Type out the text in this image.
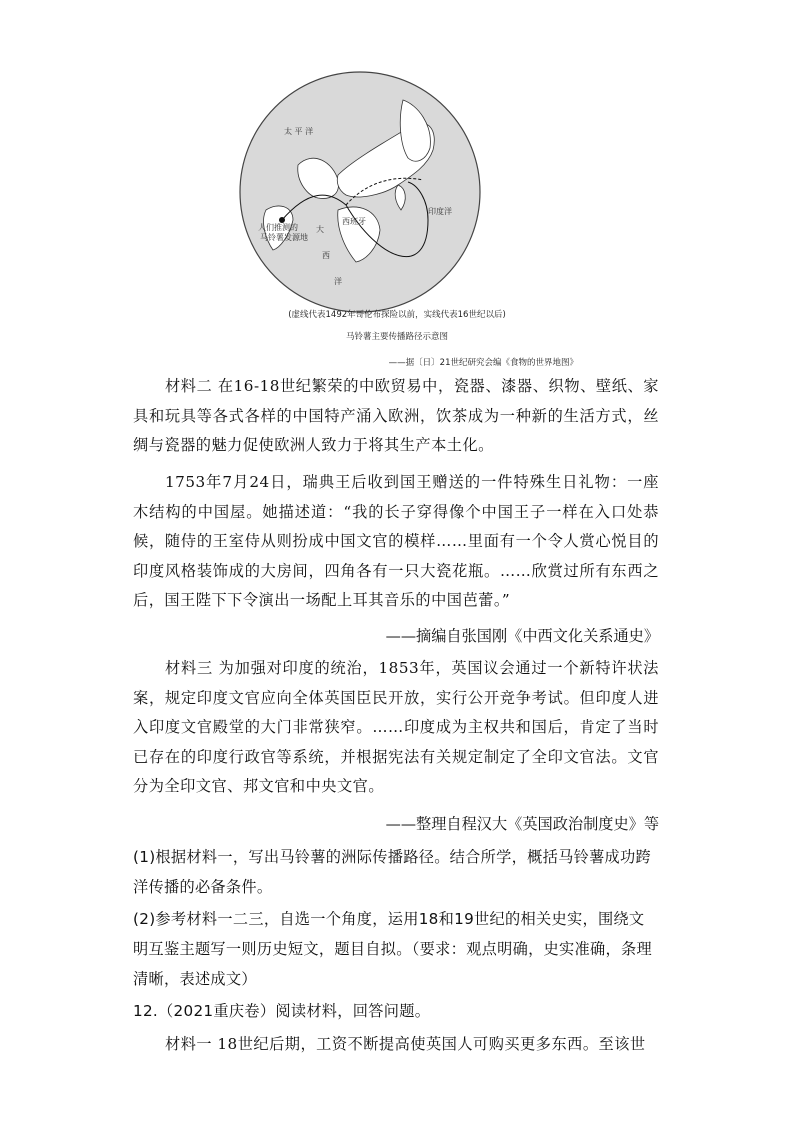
太 平 洋
印度洋
大
西
洋
人们推测的
马铃薯发源地
西班牙
(虚线代表1492年哥伦布探险以前，实线代表16世纪以后)
马铃薯主要传播路径示意图
——据〔日〕21世纪研究会编《食物的世界地图》
材料二 在16-18世纪繁荣的中欧贸易中，瓷器、漆器、织物、壁纸、家具和玩具等各式各样的中国特产涌入欧洲，饮茶成为一种新的生活方式，丝绸与瓷器的魅力促使欧洲人致力于将其生产本土化。
1753年7月24日，瑞典王后收到国王赠送的一件特殊生日礼物：一座木结构的中国屋。她描述道：“我的长子穿得像个中国王子一样在入口处恭候，随侍的王室侍从则扮成中国文官的模样……里面有一个令人赏心悦目的印度风格装饰成的大房间，四角各有一只大瓷花瓶。……欣赏过所有东西之后，国王陛下下令演出一场配上耳其音乐的中国芭蕾。”
——摘编自张国刚《中西文化关系通史》
材料三 为加强对印度的统治，1853年，英国议会通过一个新特许状法案，规定印度文官应向全体英国臣民开放，实行公开竞争考试。但印度人进入印度文官殿堂的大门非常狭窄。……印度成为主权共和国后，肯定了当时已存在的印度行政官等系统，并根据宪法有关规定制定了全印文官法。文官分为全印文官、邦文官和中央文官。
——整理自程汉大《英国政治制度史》等
(1)根据材料一，写出马铃薯的洲际传播路径。结合所学，概括马铃薯成功跨洋传播的必备条件。
(2)参考材料一二三，自选一个角度，运用18和19世纪的相关史实，围绕文明互鉴主题写一则历史短文，题目自拟。（要求：观点明确，史实准确，条理清晰，表述成文）
12.（2021重庆卷）阅读材料，回答问题。
材料一 18世纪后期，工资不断提高使英国人可购买更多东西。至该世
